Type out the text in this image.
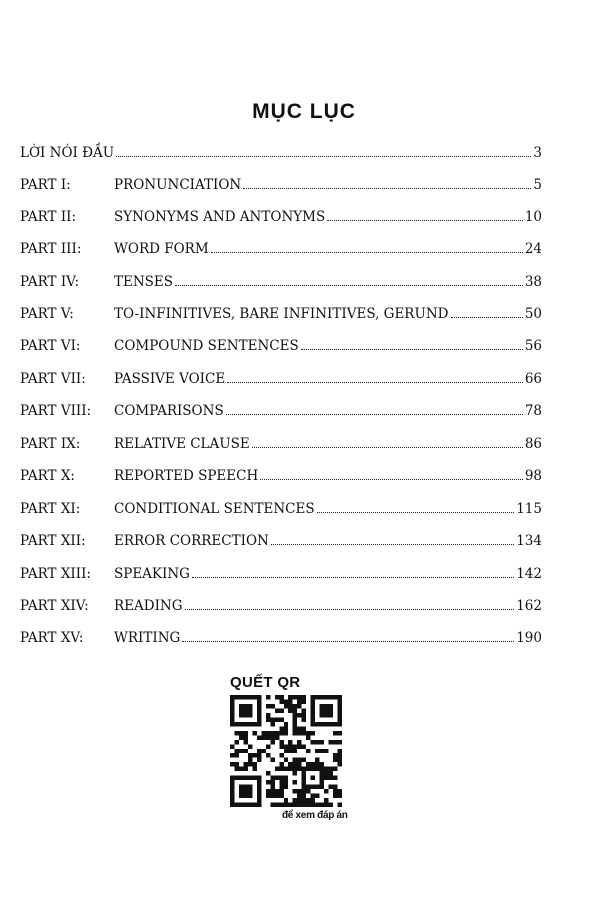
MỤC LỤC
LỜI NÓI ĐẦU	3
PART I:	PRONUNCIATION	5
PART II:	SYNONYMS AND ANTONYMS	10
PART III:	WORD FORM	24
PART IV:	TENSES	38
PART V:	TO-INFINITIVES, BARE INFINITIVES, GERUND	50
PART VI:	COMPOUND SENTENCES	56
PART VII:	PASSIVE VOICE	66
PART VIII:	COMPARISONS	78
PART IX:	RELATIVE CLAUSE	86
PART X:	REPORTED SPEECH	98
PART XI:	CONDITIONAL SENTENCES	115
PART XII:	ERROR CORRECTION	134
PART XIII:	SPEAKING	142
PART XIV:	READING	162
PART XV:	WRITING	190
QUẾT QR
để xem đáp án
